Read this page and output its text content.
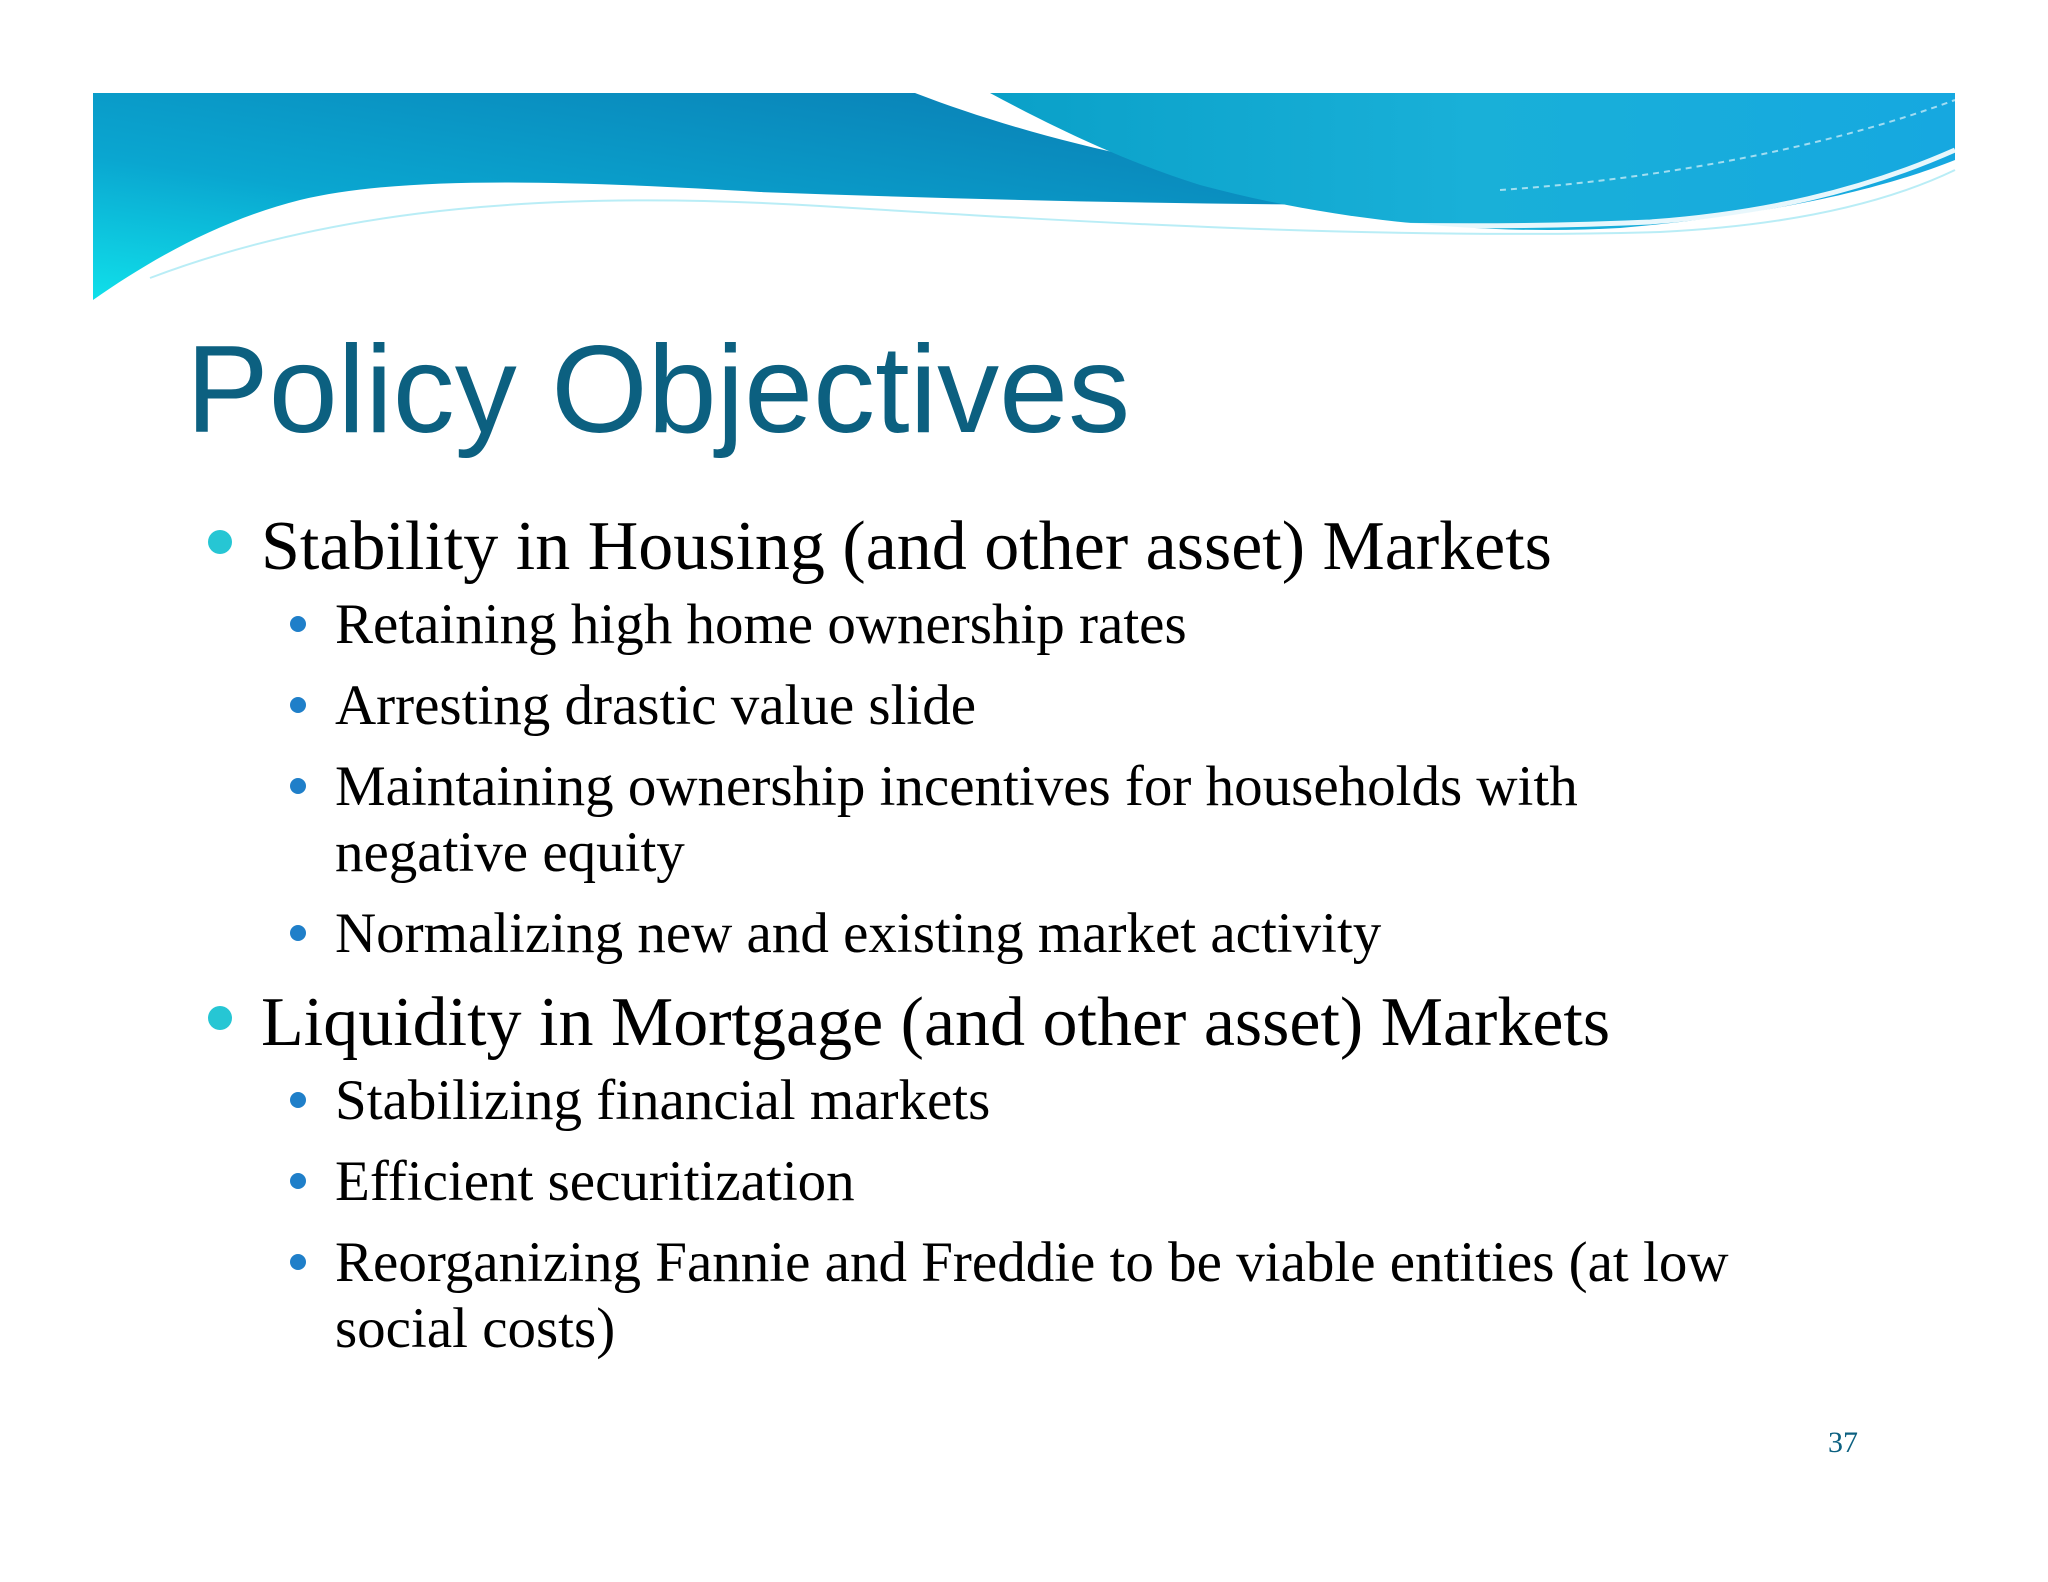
Policy Objectives
Stability in Housing (and other asset) Markets
Retaining high home ownership rates
Arresting drastic value slide
Maintaining ownership incentives for households with negative equity
Normalizing new and existing market activity
Liquidity in Mortgage (and other asset) Markets
Stabilizing financial markets
Efficient securitization
Reorganizing Fannie and Freddie to be viable entities (at low social costs)
37
